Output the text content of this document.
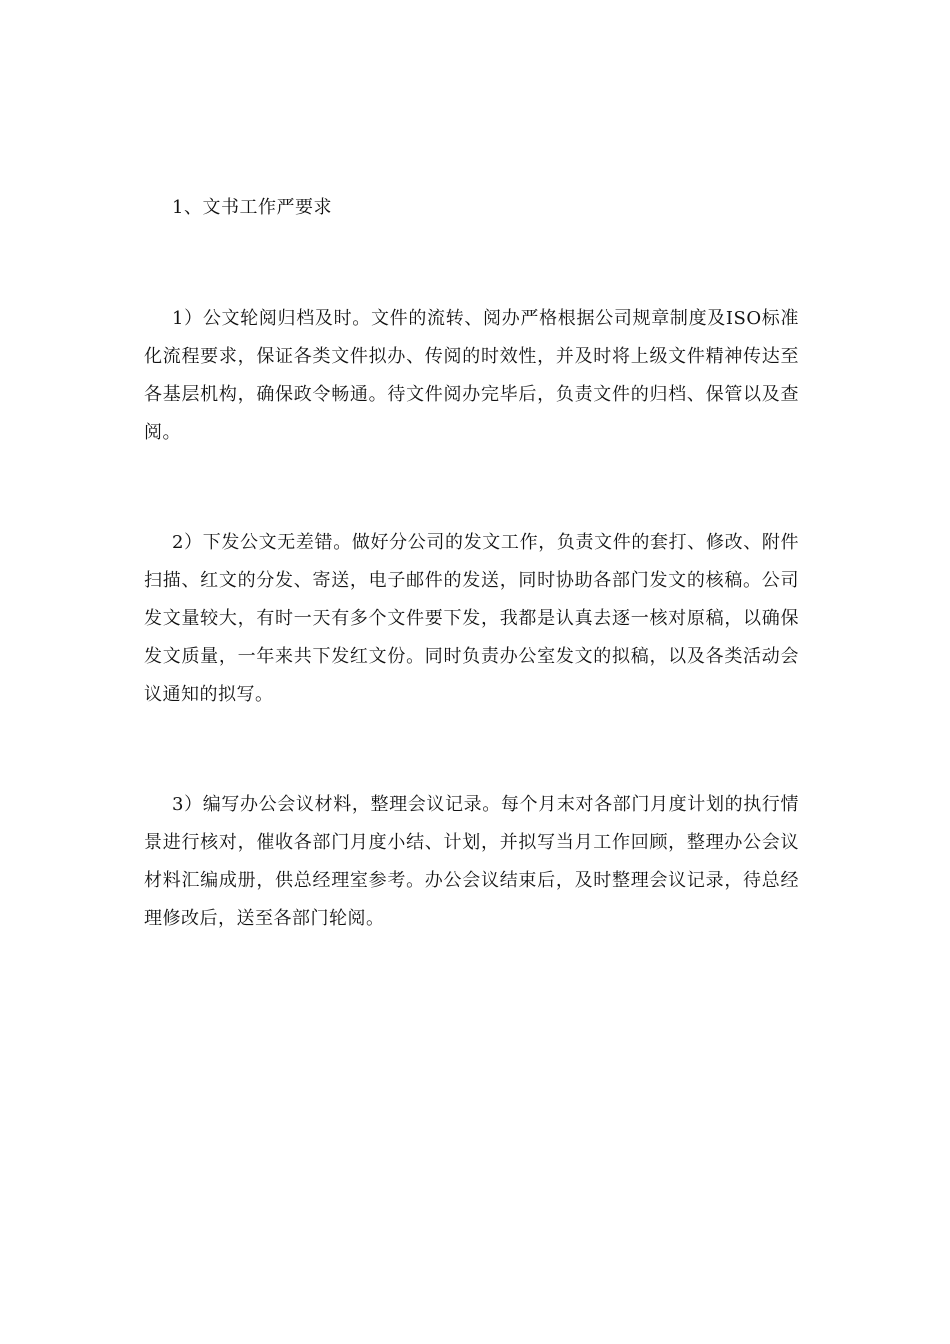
1、文书工作严要求

1）公文轮阅归档及时。文件的流转、阅办严格根据公司规章制度及ISO标准化流程要求，保证各类文件拟办、传阅的时效性，并及时将上级文件精神传达至各基层机构，确保政令畅通。待文件阅办完毕后，负责文件的归档、保管以及查阅。

2）下发公文无差错。做好分公司的发文工作，负责文件的套打、修改、附件扫描、红文的分发、寄送，电子邮件的发送，同时协助各部门发文的核稿。公司发文量较大，有时一天有多个文件要下发，我都是认真去逐一核对原稿，以确保发文质量，一年来共下发红文份。同时负责办公室发文的拟稿，以及各类活动会议通知的拟写。

3）编写办公会议材料，整理会议记录。每个月末对各部门月度计划的执行情景进行核对，催收各部门月度小结、计划，并拟写当月工作回顾，整理办公会议材料汇编成册，供总经理室参考。办公会议结束后，及时整理会议记录，待总经理修改后，送至各部门轮阅。
